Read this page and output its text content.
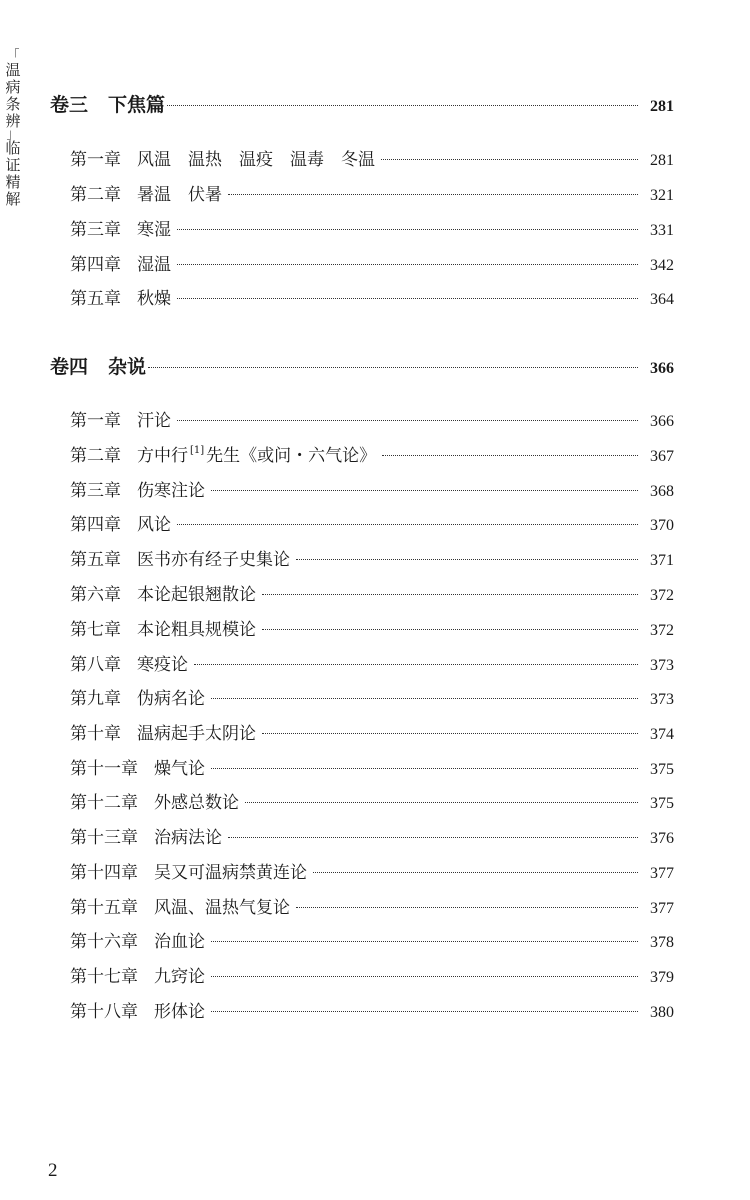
「
温
病
条
辨
」
临
证
精
解
卷三 下焦篇	281
第一章 风温　温热　温疫　温毒　冬温	281
第二章 暑温　伏暑	321
第三章 寒湿	331
第四章 湿温	342
第五章 秋燥	364
卷四 杂说	366
第一章 汗论	366
第二章 方中行 [1] 先生《或问・六气论》	367
第三章 伤寒注论	368
第四章 风论	370
第五章 医书亦有经子史集论	371
第六章 本论起银翘散论	372
第七章 本论粗具规模论	372
第八章 寒疫论	373
第九章 伪病名论	373
第十章 温病起手太阴论	374
第十一章 燥气论	375
第十二章 外感总数论	375
第十三章 治病法论	376
第十四章 吴又可温病禁黄连论	377
第十五章 风温、温热气复论	377
第十六章 治血论	378
第十七章 九窍论	379
第十八章 形体论	380
2
